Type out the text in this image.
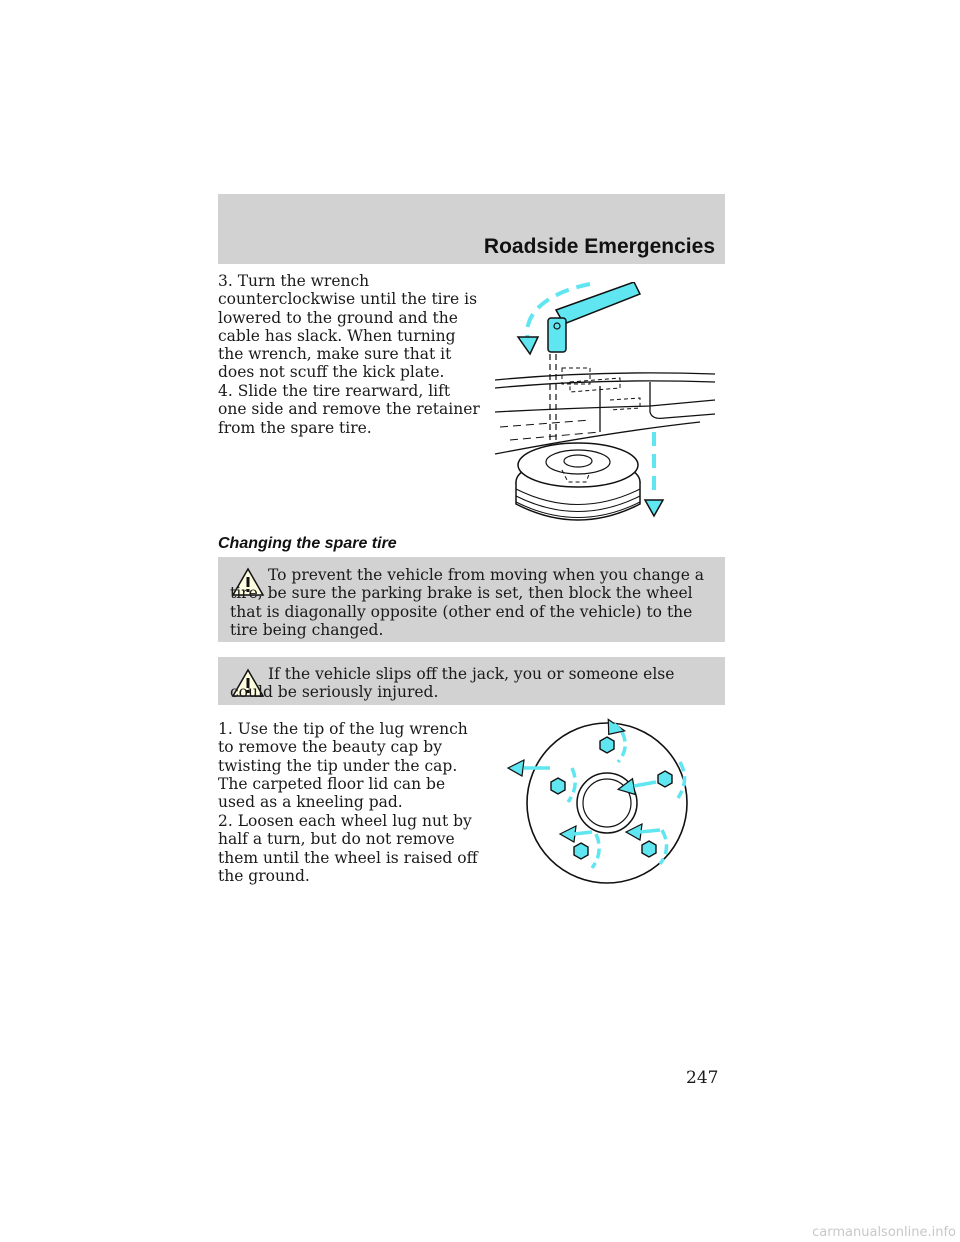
Roadside Emergencies

3. Turn the wrench counterclockwise until the tire is lowered to the ground and the cable has slack. When turning the wrench, make sure that it does not scuff the kick plate.

4. Slide the tire rearward, lift one side and remove the retainer from the spare tire.

Changing the spare tire
To prevent the vehicle from moving when you change a tire, be sure the parking brake is set, then block the wheel that is diagonally opposite (other end of the vehicle) to the tire being changed.
If the vehicle slips off the jack, you or someone else could be seriously injured.

1. Use the tip of the lug wrench to remove the beauty cap by twisting the tip under the cap. The carpeted floor lid can be used as a kneeling pad.

2. Loosen each wheel lug nut by half a turn, but do not remove them until the wheel is raised off the ground.

247
carmanualsonline.info
